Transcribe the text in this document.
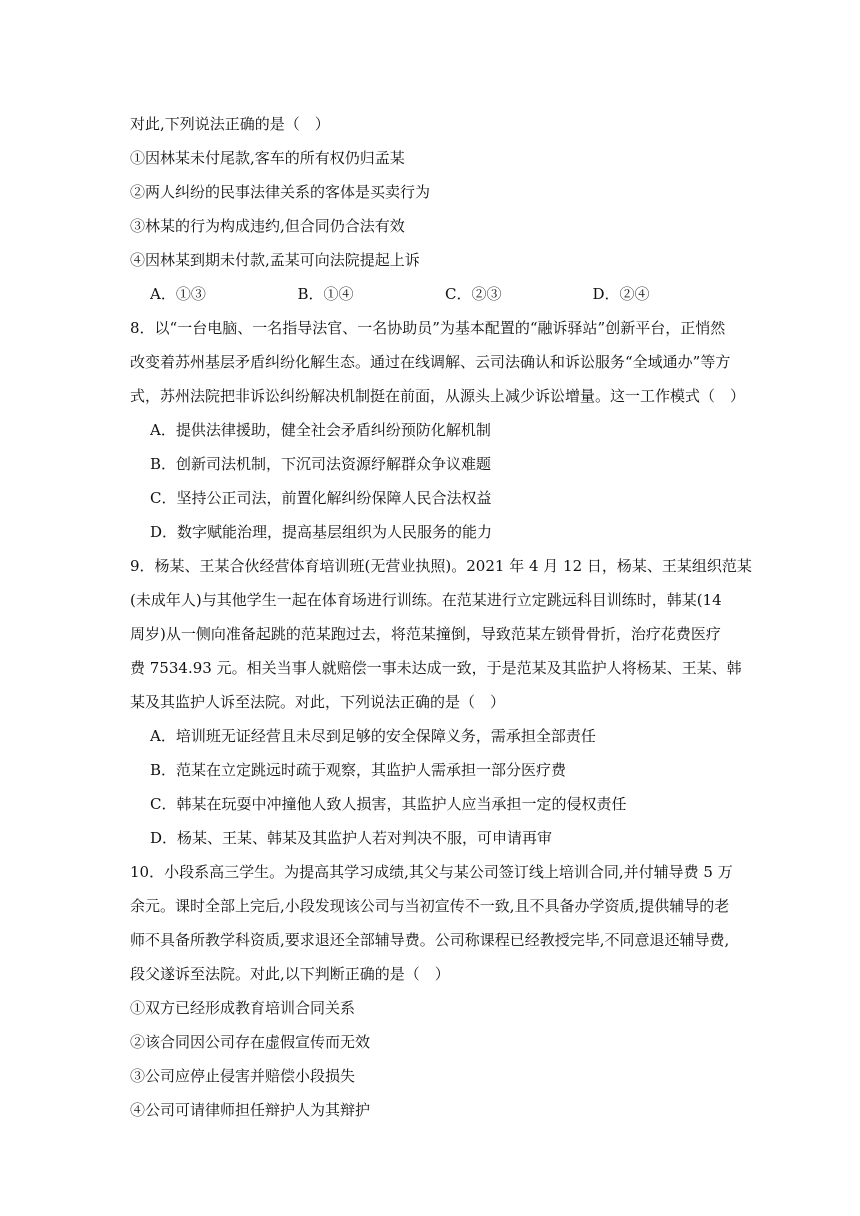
对此,下列说法正确的是（　）
①因林某未付尾款,客车的所有权仍归孟某
②两人纠纷的民事法律关系的客体是买卖行为
③林某的行为构成违约,但合同仍合法有效
④因林某到期未付款,孟某可向法院提起上诉
A．①③	B．①④	C．②③	D．②④
8．以“一台电脑、一名指导法官、一名协助员”为基本配置的“融诉驿站”创新平台，正悄然
改变着苏州基层矛盾纠纷化解生态。通过在线调解、云司法确认和诉讼服务“全域通办”等方
式，苏州法院把非诉讼纠纷解决机制挺在前面，从源头上减少诉讼增量。这一工作模式（　）
A．提供法律援助，健全社会矛盾纠纷预防化解机制
B．创新司法机制，下沉司法资源纾解群众争议难题
C．坚持公正司法，前置化解纠纷保障人民合法权益
D．数字赋能治理，提高基层组织为人民服务的能力
9．杨某、王某合伙经营体育培训班(无营业执照)。2021 年 4 月 12 日，杨某、王某组织范某
(未成年人)与其他学生一起在体育场进行训练。在范某进行立定跳远科目训练时，韩某(14
周岁)从一侧向准备起跳的范某跑过去，将范某撞倒，导致范某左锁骨骨折，治疗花费医疗
费 7534.93 元。相关当事人就赔偿一事未达成一致，于是范某及其监护人将杨某、王某、韩
某及其监护人诉至法院。对此，下列说法正确的是（　）
A．培训班无证经营且未尽到足够的安全保障义务，需承担全部责任
B．范某在立定跳远时疏于观察，其监护人需承担一部分医疗费
C．韩某在玩耍中冲撞他人致人损害，其监护人应当承担一定的侵权责任
D．杨某、王某、韩某及其监护人若对判决不服，可申请再审
10．小段系高三学生。为提高其学习成绩,其父与某公司签订线上培训合同,并付辅导费 5 万
余元。课时全部上完后,小段发现该公司与当初宣传不一致,且不具备办学资质,提供辅导的老
师不具备所教学科资质,要求退还全部辅导费。公司称课程已经教授完毕,不同意退还辅导费,
段父遂诉至法院。对此,以下判断正确的是（　）
①双方已经形成教育培训合同关系
②该合同因公司存在虚假宣传而无效
③公司应停止侵害并赔偿小段损失
④公司可请律师担任辩护人为其辩护
